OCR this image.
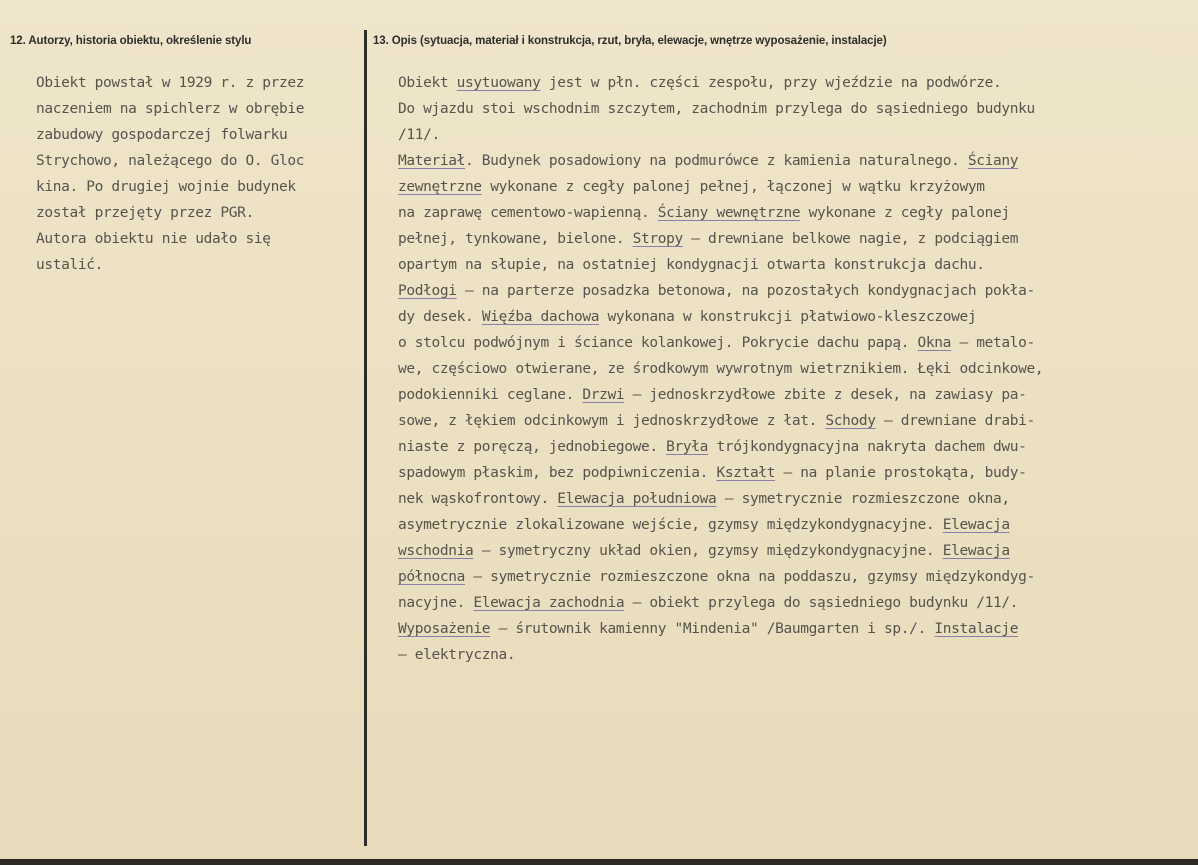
12. Autorzy, historia obiektu, określenie stylu	13. Opis (sytuacja, materiał i konstrukcja, rzut, bryła, elewacje, wnętrze wyposażenie, instalacje)
Obiekt powstał w 1929 r. z przez
naczeniem na spichlerz w obrębie
zabudowy gospodarczej folwarku
Strychowo, należącego do O. Gloc
kina. Po drugiej wojnie budynek
został przejęty przez PGR.
Autora obiektu nie udało się
ustalić.
Obiekt usytuowany jest w płn. części zespołu, przy wjeździe na podwórze.
Do wjazdu stoi wschodnim szczytem, zachodnim przylega do sąsiedniego budynku
/11/.
Materiał. Budynek posadowiony na podmurówce z kamienia naturalnego. Ściany
zewnętrzne wykonane z cegły palonej pełnej, łączonej w wątku krzyżowym
na zaprawę cementowo-wapienną. Ściany wewnętrzne wykonane z cegły palonej
pełnej, tynkowane, bielone. Stropy – drewniane belkowe nagie, z podciągiem
opartym na słupie, na ostatniej kondygnacji otwarta konstrukcja dachu.
Podłogi – na parterze posadzka betonowa, na pozostałych kondygnacjach pokła-
dy desek. Więźba dachowa wykonana w konstrukcji płatwiowo-kleszczowej
o stolcu podwójnym i ściance kolankowej. Pokrycie dachu papą. Okna – metalo-
we, częściowo otwierane, ze środkowym wywrotnym wietrznikiem. Łęki odcinkowe,
podokienniki ceglane. Drzwi – jednoskrzydłowe zbite z desek, na zawiasy pa-
sowe, z łękiem odcinkowym i jednoskrzydłowe z łat. Schody – drewniane drabi-
niaste z poręczą, jednobiegowe. Bryła trójkondygnacyjna nakryta dachem dwu-
spadowym płaskim, bez podpiwniczenia. Kształt – na planie prostokąta, budy-
nek wąskofrontowy. Elewacja południowa – symetrycznie rozmieszczone okna,
asymetrycznie zlokalizowane wejście, gzymsy międzykondygnacyjne. Elewacja
wschodnia – symetryczny układ okien, gzymsy międzykondygnacyjne. Elewacja
północna – symetrycznie rozmieszczone okna na poddaszu, gzymsy międzykondyg-
nacyjne. Elewacja zachodnia – obiekt przylega do sąsiedniego budynku /11/.
Wyposażenie – śrutownik kamienny "Mindenia" /Baumgarten i sp./. Instalacje
– elektryczna.
